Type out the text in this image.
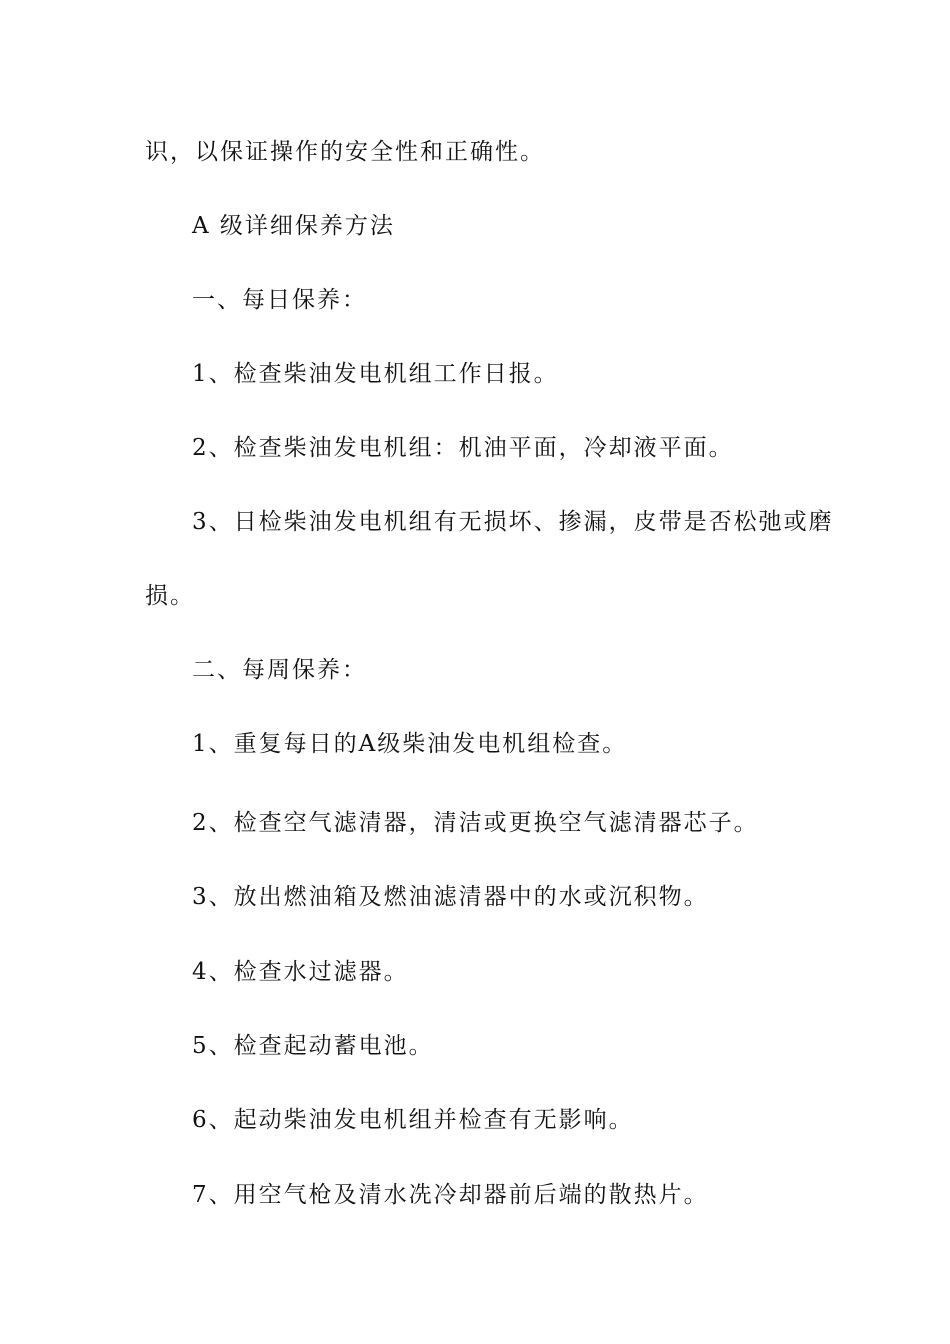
识，以保证操作的安全性和正确性。
A 级详细保养方法
一、每日保养：
1、检查柴油发电机组工作日报。
2、检查柴油发电机组：机油平面，冷却液平面。
3、日检柴油发电机组有无损坏、掺漏，皮带是否松弛或磨
损。
二、每周保养：
1、重复每日的A级柴油发电机组检查。
2、检查空气滤清器，清洁或更换空气滤清器芯子。
3、放出燃油箱及燃油滤清器中的水或沉积物。
4、检查水过滤器。
5、检查起动蓄电池。
6、起动柴油发电机组并检查有无影响。
7、用空气枪及清水冼冷却器前后端的散热片。
